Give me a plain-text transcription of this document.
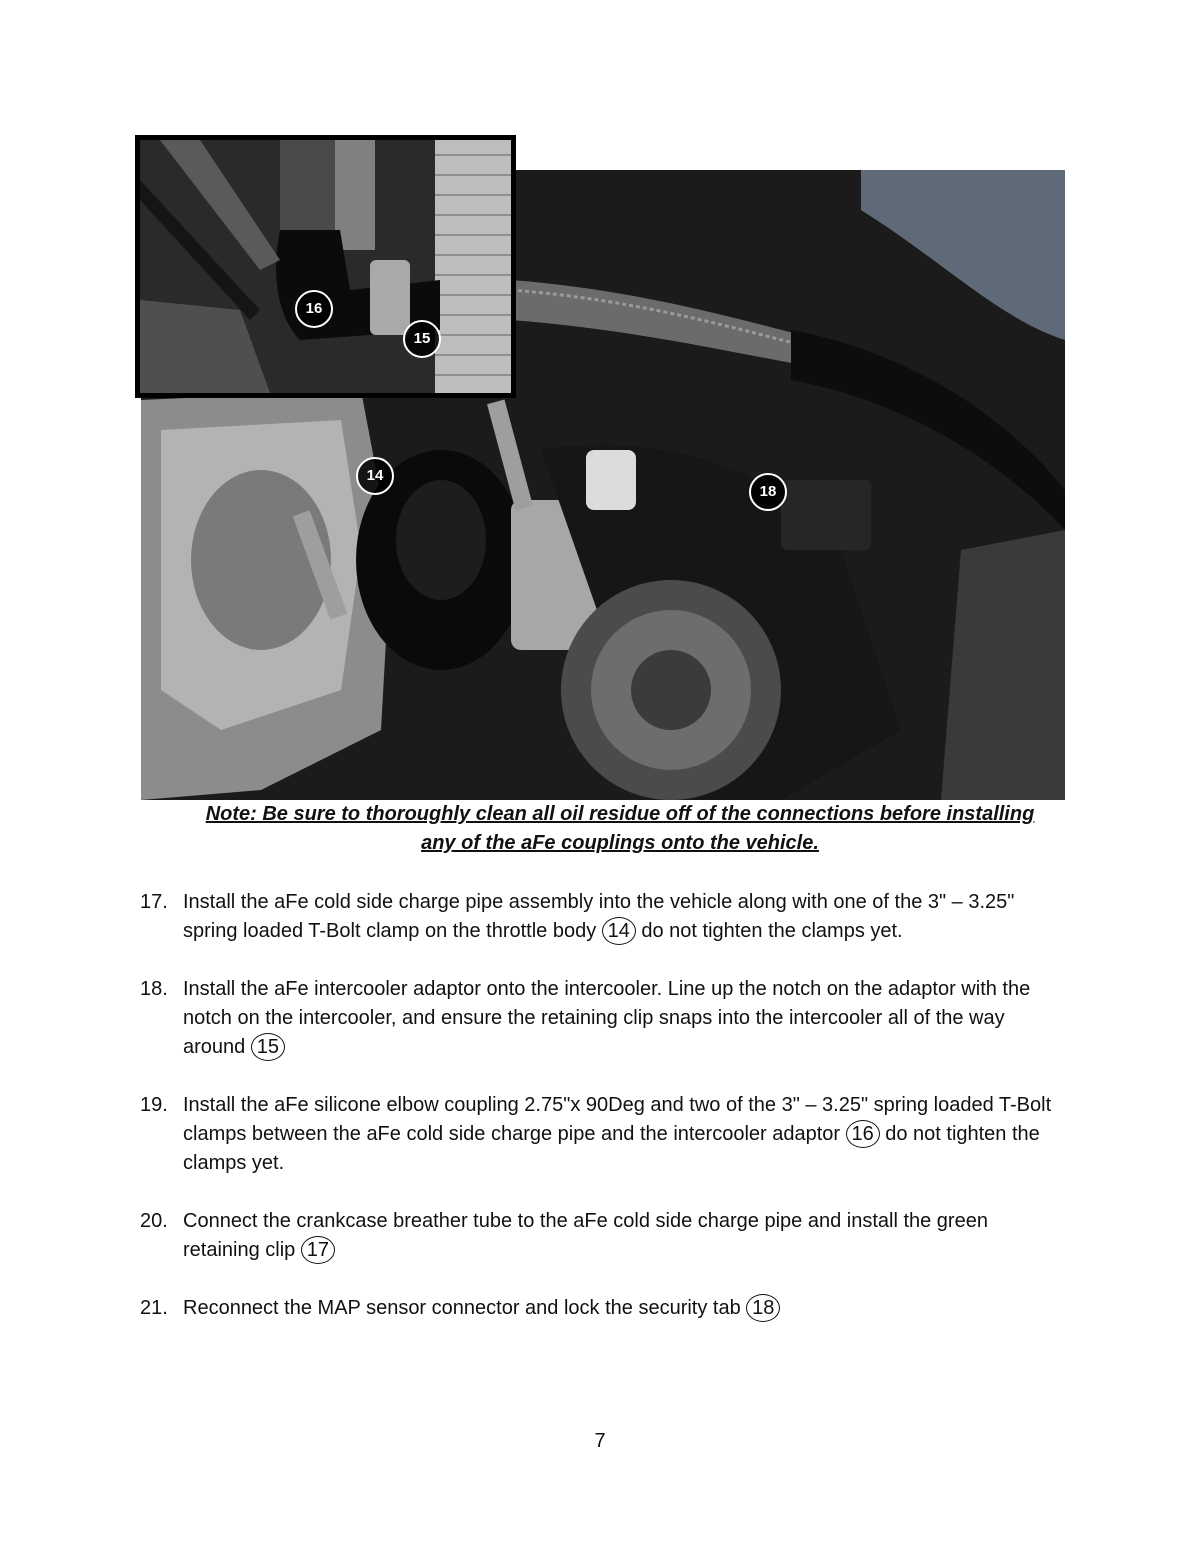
14
18
16
15
Note: Be sure to thoroughly clean all oil residue off of the connections before installing
any of the aFe couplings onto the vehicle.
17. Install the aFe cold side charge pipe assembly into the vehicle along with one of the 3" – 3.25" spring loaded T-Bolt clamp on the throttle body 14 do not tighten the clamps yet.
18. Install the aFe intercooler adaptor onto the intercooler. Line up the notch on the adaptor with the notch on the intercooler, and ensure the retaining clip snaps into the intercooler all of the way around 15
19. Install the aFe silicone elbow coupling 2.75"x 90Deg and two of the 3" – 3.25" spring loaded T-Bolt clamps between the aFe cold side charge pipe and the intercooler adaptor 16 do not tighten the clamps yet.
20. Connect the crankcase breather tube to the aFe cold side charge pipe and install the green retaining clip 17
21. Reconnect the MAP sensor connector and lock the security tab 18
7
